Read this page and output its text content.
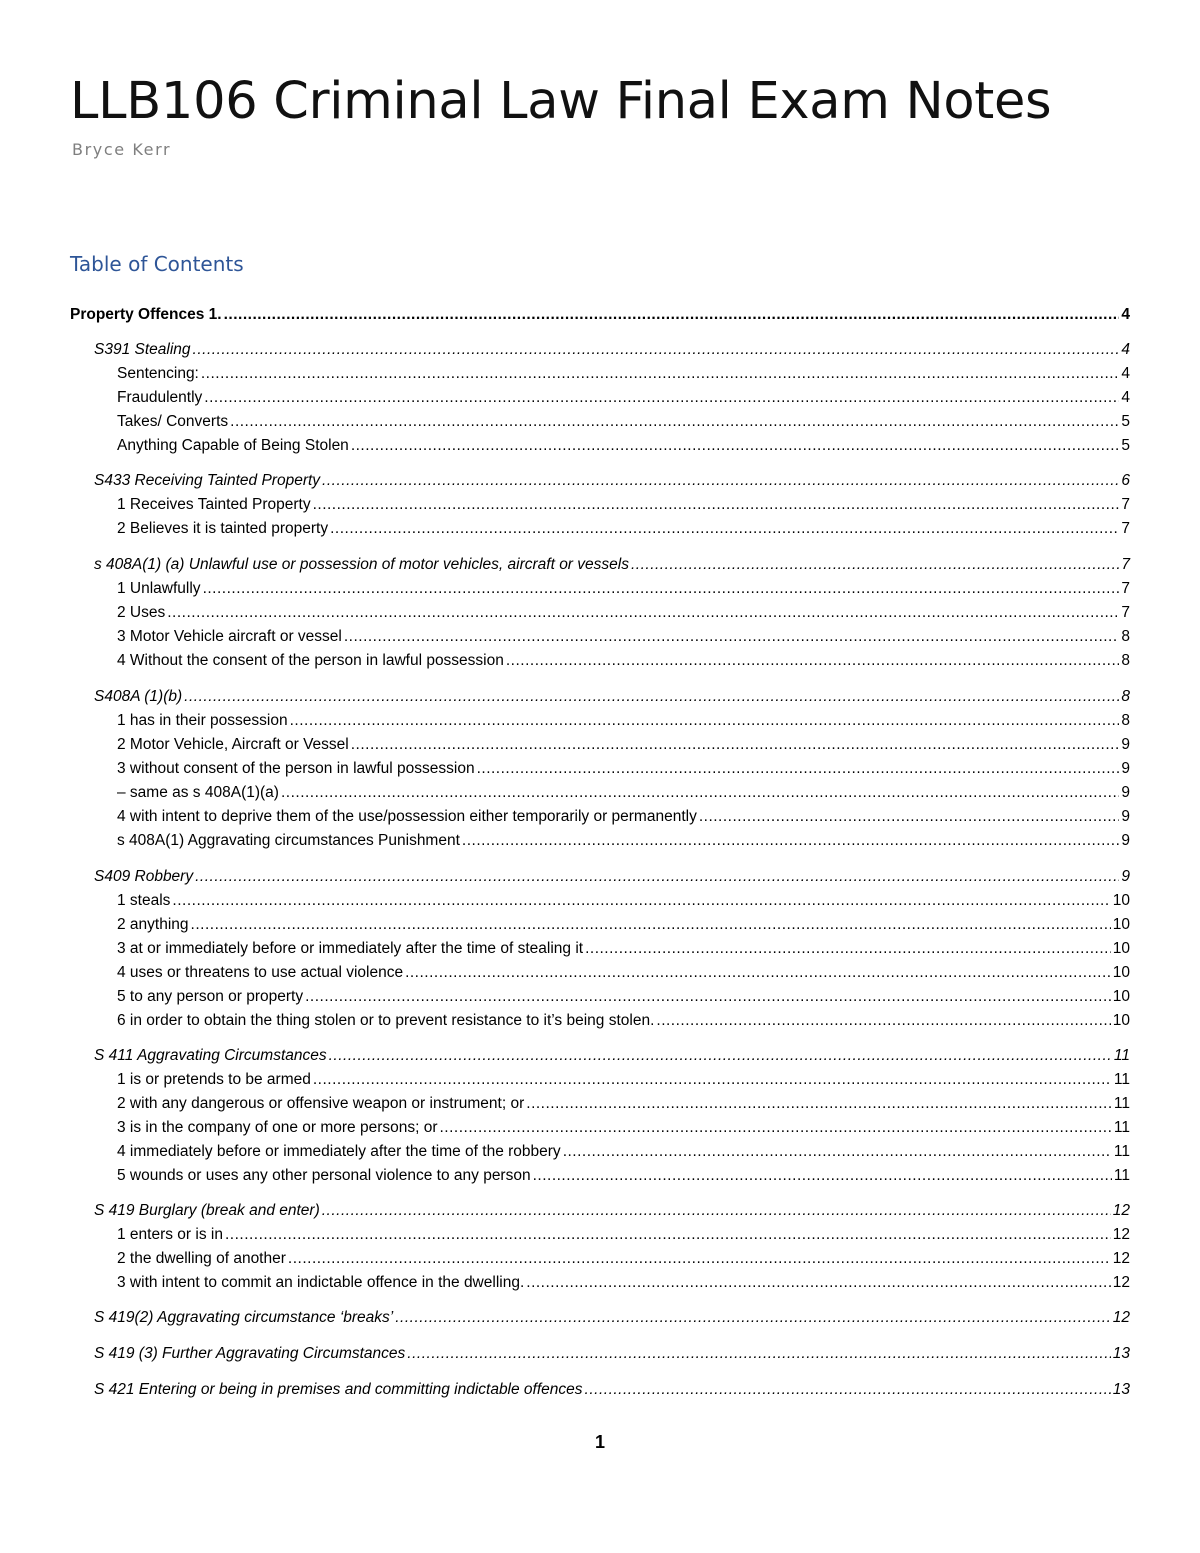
LLB106 Criminal Law Final Exam Notes
Bryce Kerr
Table of Contents
Property Offences 1. .....	4
S391 Stealing .....	4
Sentencing: .....	4
Fraudulently .....	4
Takes/ Converts .....	5
Anything Capable of Being Stolen .....	5
S433 Receiving Tainted Property .....	6
1 Receives Tainted Property .....	7
2 Believes it is tainted property .....	7
s 408A(1) (a) Unlawful use or possession of motor vehicles, aircraft or vessels .....	7
1 Unlawfully .....	7
2 Uses .....	7
3 Motor Vehicle aircraft or vessel .....	8
4 Without the consent of the person in lawful possession .....	8
S408A (1)(b) .....	8
1 has in their possession .....	8
2 Motor Vehicle, Aircraft or Vessel .....	9
3 without consent of the person in lawful possession .....	9
– same as s 408A(1)(a) .....	9
4 with intent to deprive them of the use/possession either temporarily or permanently .....	9
s 408A(1) Aggravating circumstances Punishment .....	9
S409 Robbery .....	9
1 steals .....	10
2 anything .....	10
3 at or immediately before or immediately after the time of stealing it .....	10
4 uses or threatens to use actual violence .....	10
5 to any person or property .....	10
6 in order to obtain the thing stolen or to prevent resistance to it’s being stolen. .....	10
S 411 Aggravating Circumstances .....	11
1 is or pretends to be armed .....	11
2 with any dangerous or offensive weapon or instrument; or .....	11
3 is in the company of one or more persons; or .....	11
4 immediately before or immediately after the time of the robbery .....	11
5 wounds or uses any other personal violence to any person .....	11
S 419 Burglary (break and enter) .....	12
1 enters or is in .....	12
2 the dwelling of another .....	12
3 with intent to commit an indictable offence in the dwelling. .....	12
S 419(2) Aggravating circumstance ‘breaks’ .....	12
S 419 (3) Further Aggravating Circumstances .....	13
S 421 Entering or being in premises and committing indictable offences .....	13
1
